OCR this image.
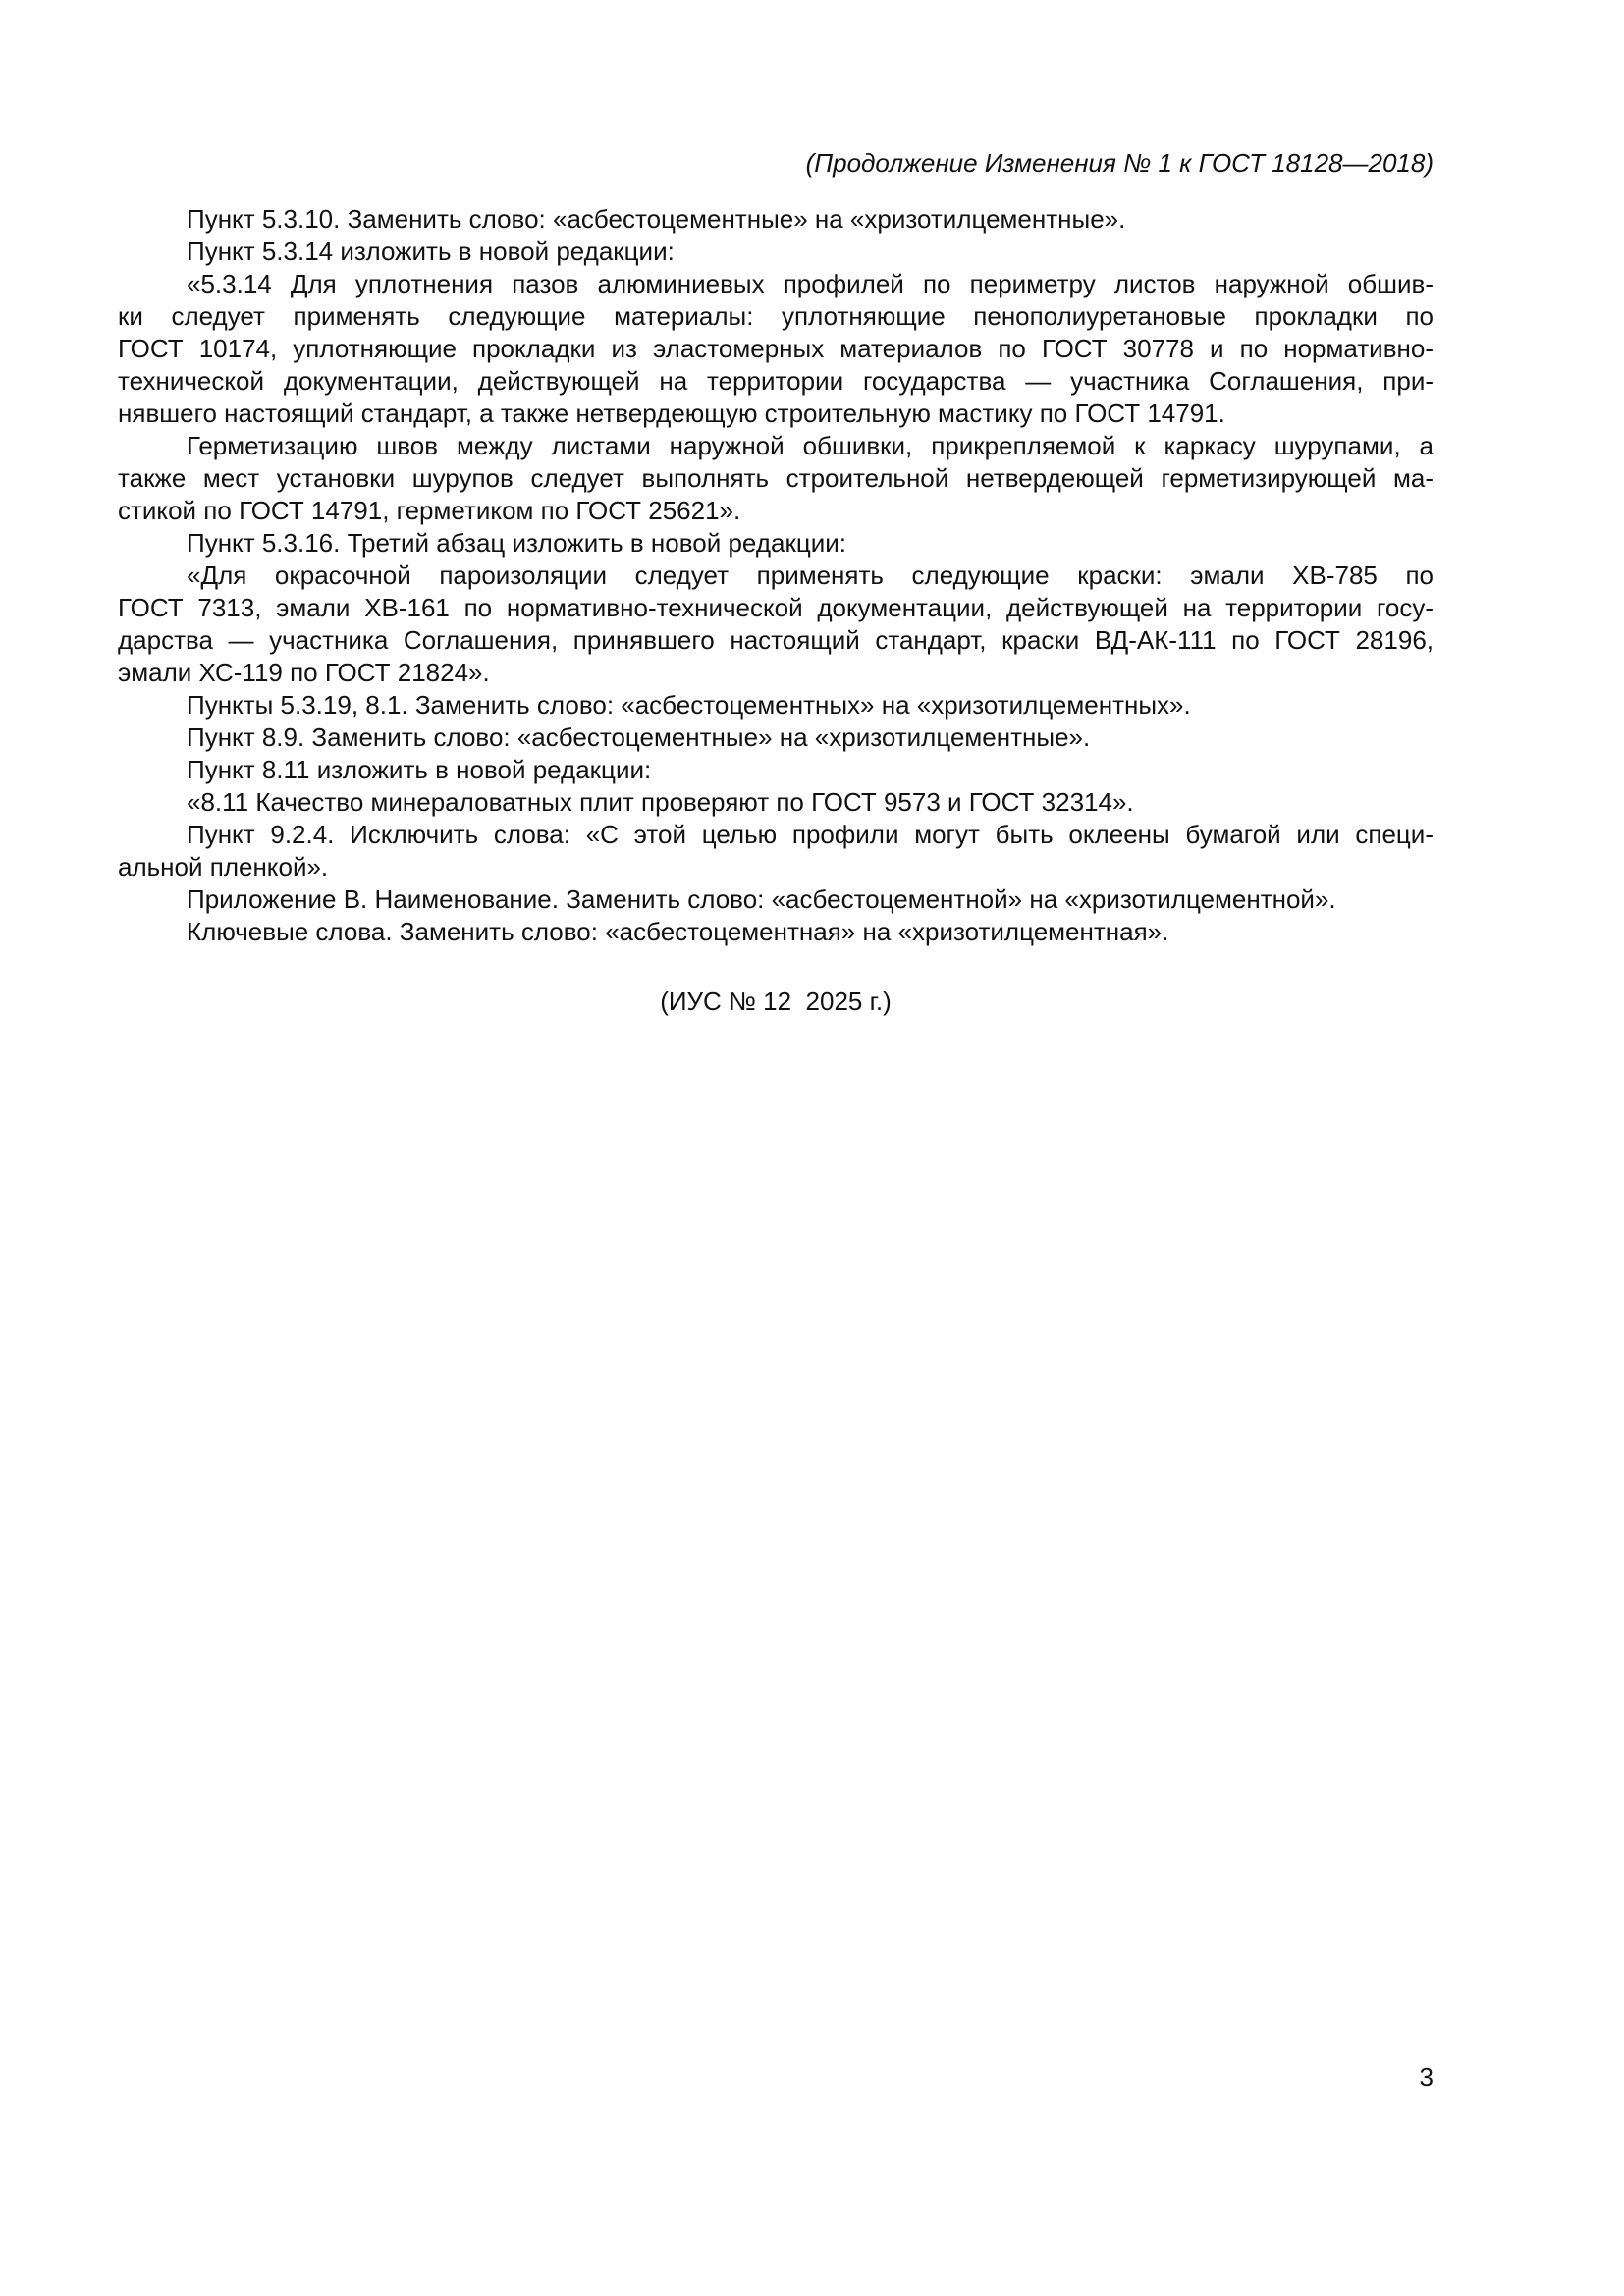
(Продолжение Изменения № 1 к ГОСТ 18128—2018)
Пункт 5.3.10. Заменить слово: «асбестоцементные» на «хризотилцементные».
Пункт 5.3.14 изложить в новой редакции:
«5.3.14 Для уплотнения пазов алюминиевых профилей по периметру листов наружной обшив-
ки следует применять следующие материалы: уплотняющие пенополиуретановые прокладки по
ГОСТ 10174, уплотняющие прокладки из эластомерных материалов по ГОСТ 30778 и по нормативно-
технической документации, действующей на территории государства — участника Соглашения, при-
нявшего настоящий стандарт, а также нетвердеющую строительную мастику по ГОСТ 14791.
Герметизацию швов между листами наружной обшивки, прикрепляемой к каркасу шурупами, а
также мест установки шурупов следует выполнять строительной нетвердеющей герметизирующей ма-
стикой по ГОСТ 14791, герметиком по ГОСТ 25621».
Пункт 5.3.16. Третий абзац изложить в новой редакции:
«Для окрасочной пароизоляции следует применять следующие краски: эмали ХВ-785 по
ГОСТ 7313, эмали ХВ-161 по нормативно-технической документации, действующей на территории госу-
дарства — участника Соглашения, принявшего настоящий стандарт, краски ВД-АК-111 по ГОСТ 28196,
эмали ХС-119 по ГОСТ 21824».
Пункты 5.3.19, 8.1. Заменить слово: «асбестоцементных» на «хризотилцементных».
Пункт 8.9. Заменить слово: «асбестоцементные» на «хризотилцементные».
Пункт 8.11 изложить в новой редакции:
«8.11 Качество минераловатных плит проверяют по ГОСТ 9573 и ГОСТ 32314».
Пункт 9.2.4. Исключить слова: «С этой целью профили могут быть оклеены бумагой или специ-
альной пленкой».
Приложение В. Наименование. Заменить слово: «асбестоцементной» на «хризотилцементной».
Ключевые слова. Заменить слово: «асбестоцементная» на «хризотилцементная».
(ИУС № 12  2025 г.)
3
